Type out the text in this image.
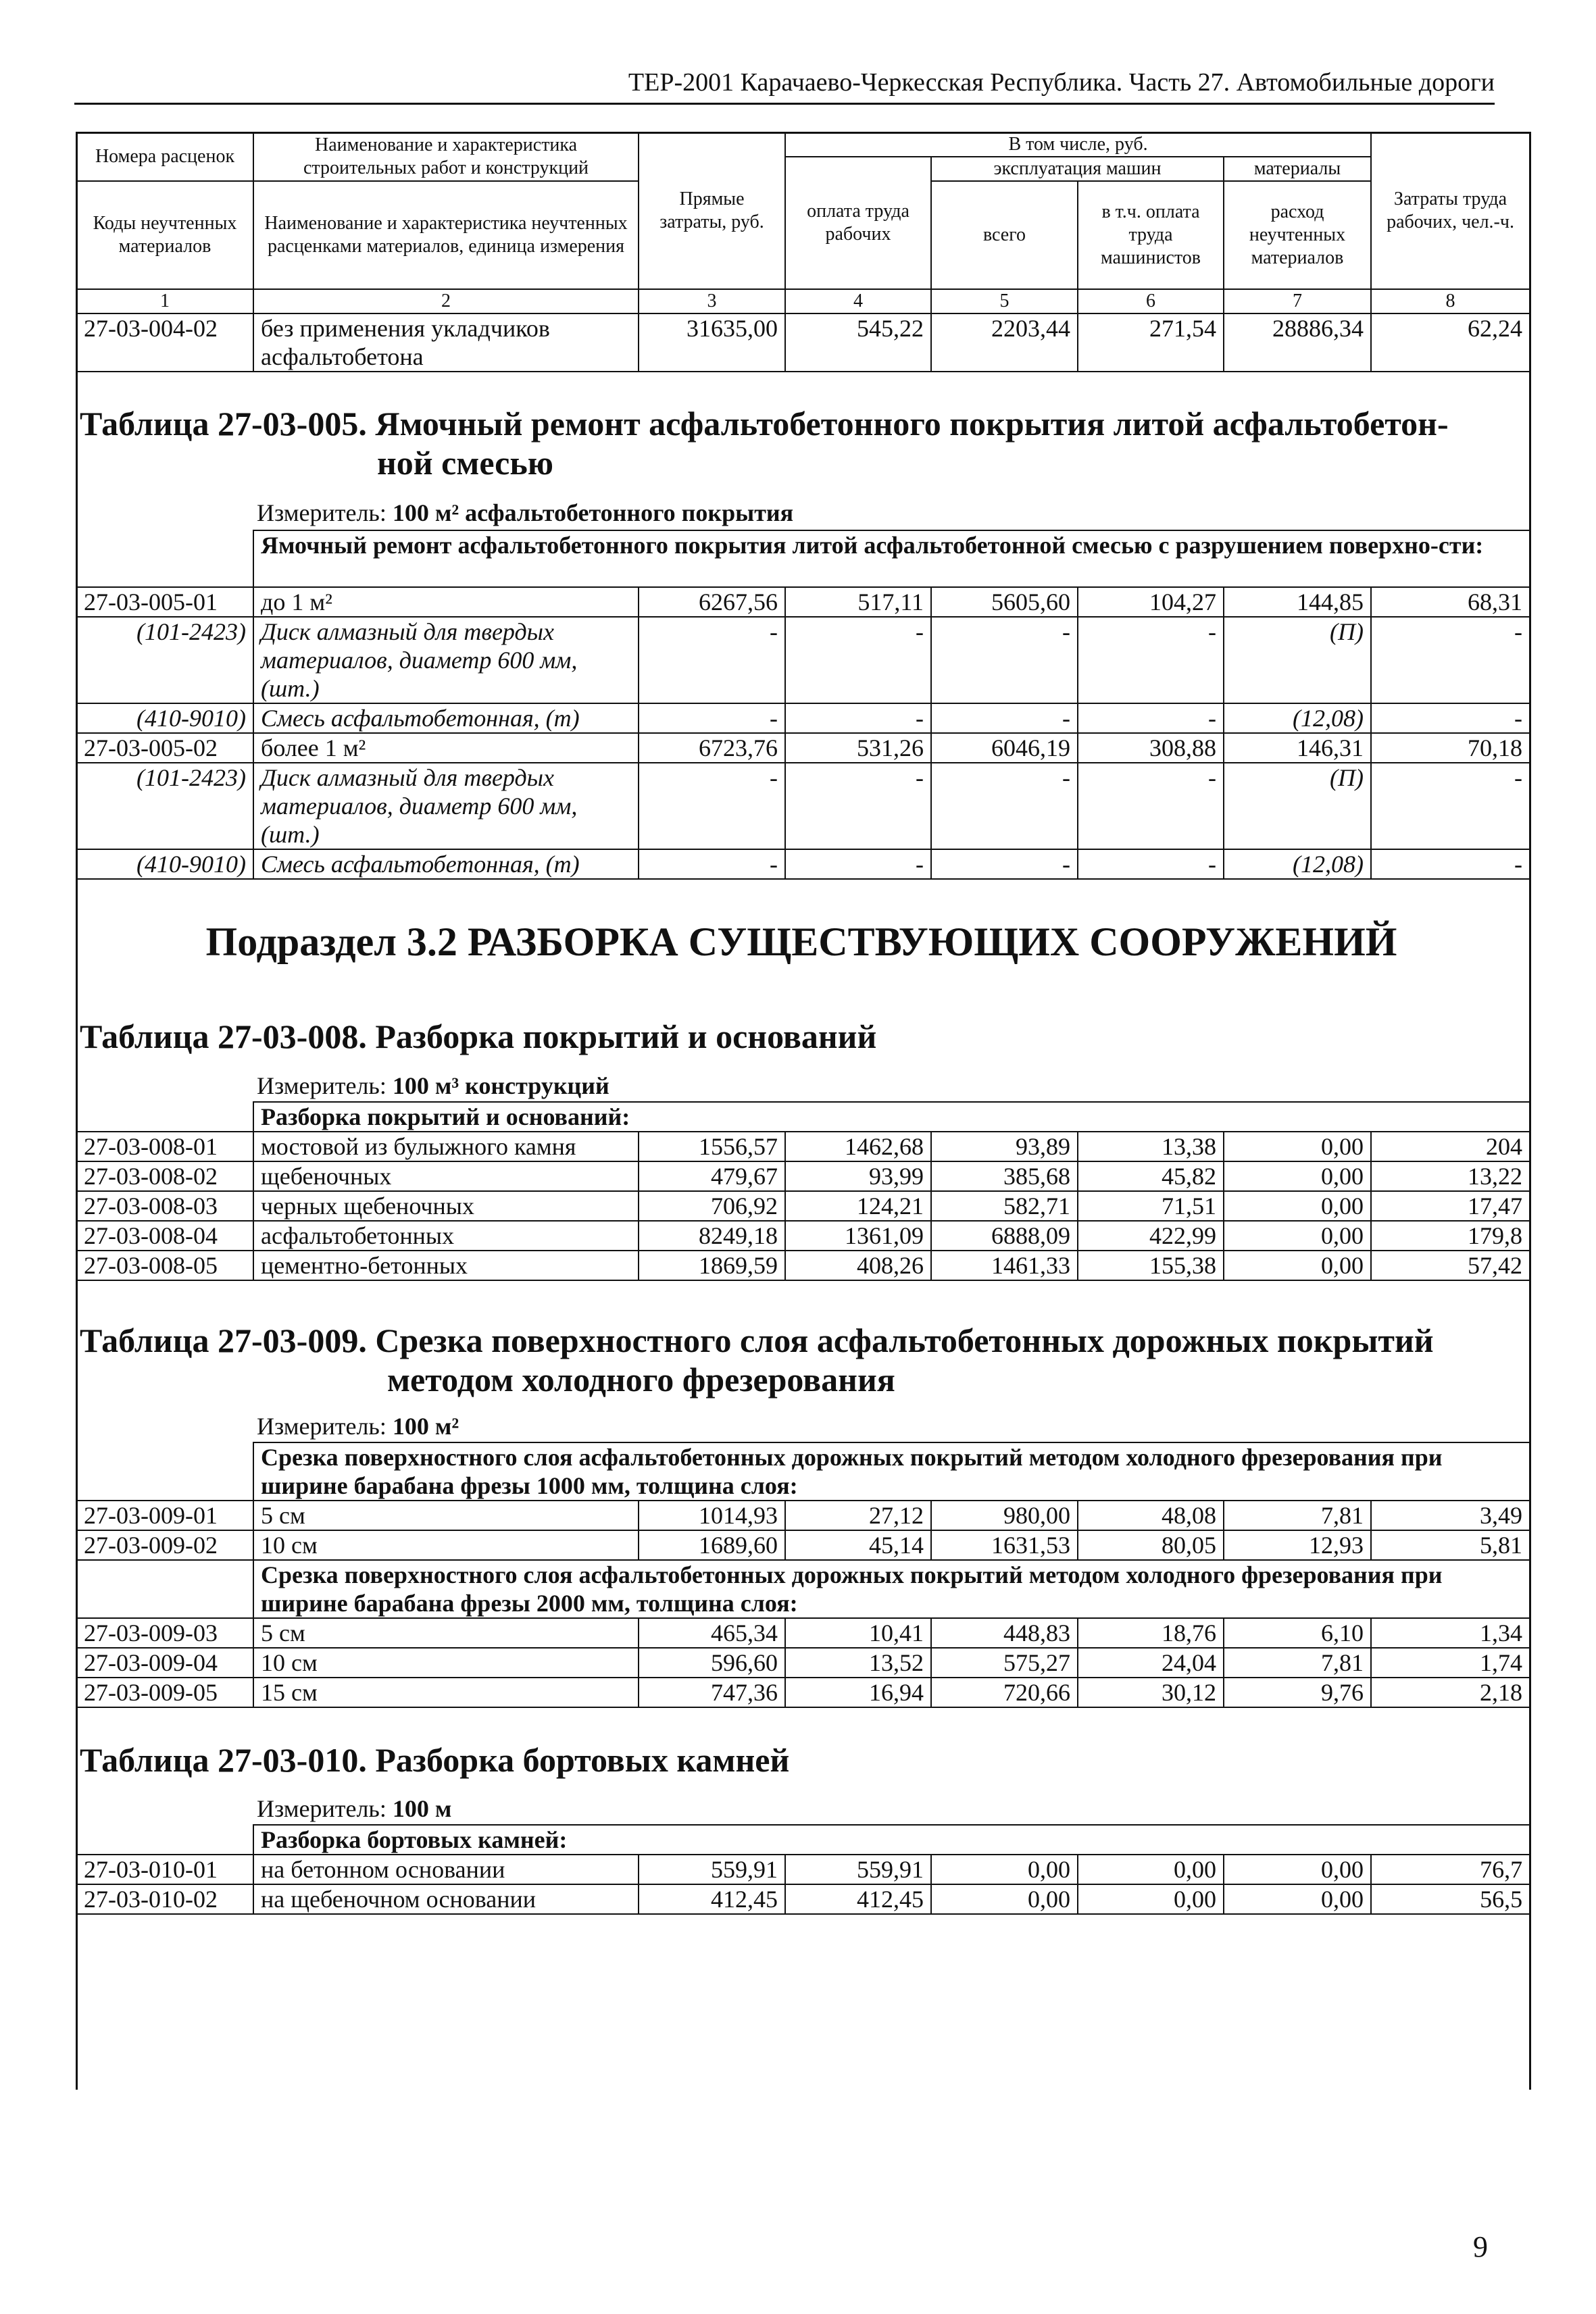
ТЕР-2001 Карачаево-Черкесская Республика. Часть 27. Автомобильные дороги
Номера расценок	Наименование и характеристика строительных работ и конструкций	Прямые затраты, руб.	В том числе, руб.				Затраты труда рабочих, чел.-ч.
			оплата труда рабочих	эксплуатация машин		материалы	
Коды неучтенных материалов	Наименование и характеристика неучтенных расценками материалов, единица измерения			всего	в т.ч. оплата труда машинистов	расход неучтенных материалов	
1	2	3	4	5	6	7	8
27-03-004-02	без применения укладчиков асфальтобетона	31635,00	545,22	2203,44	271,54	28886,34	62,24
Таблица 27-03-005. Ямочный ремонт асфальтобетонного покрытия литой асфальтобетон-
ной смесью
Измеритель: 100 м² асфальтобетонного покрытия
	Ямочный ремонт асфальтобетонного покрытия литой асфальтобетонной смесью с разрушением поверхно-сти:						
27-03-005-01	до 1 м²	6267,56	517,11	5605,60	104,27	144,85	68,31
(101-2423)	Диск алмазный для твердых материалов, диаметр 600 мм, (шт.)	-	-	-	-	(П)	-
(410-9010)	Смесь асфальтобетонная, (т)	-	-	-	-	(12,08)	-
27-03-005-02	более 1 м²	6723,76	531,26	6046,19	308,88	146,31	70,18
(101-2423)	Диск алмазный для твердых материалов, диаметр 600 мм, (шт.)	-	-	-	-	(П)	-
(410-9010)	Смесь асфальтобетонная, (т)	-	-	-	-	(12,08)	-
Подраздел 3.2 РАЗБОРКА СУЩЕСТВУЮЩИХ СООРУЖЕНИЙ
Таблица 27-03-008. Разборка покрытий и оснований
Измеритель: 100 м³ конструкций
	Разборка покрытий и оснований:						
27-03-008-01	мостовой из булыжного камня	1556,57	1462,68	93,89	13,38	0,00	204
27-03-008-02	щебеночных	479,67	93,99	385,68	45,82	0,00	13,22
27-03-008-03	черных щебеночных	706,92	124,21	582,71	71,51	0,00	17,47
27-03-008-04	асфальтобетонных	8249,18	1361,09	6888,09	422,99	0,00	179,8
27-03-008-05	цементно-бетонных	1869,59	408,26	1461,33	155,38	0,00	57,42
Таблица 27-03-009. Срезка поверхностного слоя асфальтобетонных дорожных покрытий
методом холодного фрезерования
Измеритель: 100 м²
	Срезка поверхностного слоя асфальтобетонных дорожных покрытий методом холодного фрезерования при ширине барабана фрезы 1000 мм, толщина слоя:						
27-03-009-01	5 см	1014,93	27,12	980,00	48,08	7,81	3,49
27-03-009-02	10 см	1689,60	45,14	1631,53	80,05	12,93	5,81
	Срезка поверхностного слоя асфальтобетонных дорожных покрытий методом холодного фрезерования при ширине барабана фрезы 2000 мм, толщина слоя:						
27-03-009-03	5 см	465,34	10,41	448,83	18,76	6,10	1,34
27-03-009-04	10 см	596,60	13,52	575,27	24,04	7,81	1,74
27-03-009-05	15 см	747,36	16,94	720,66	30,12	9,76	2,18
Таблица 27-03-010. Разборка бортовых камней
Измеритель: 100 м
	Разборка бортовых камней:						
27-03-010-01	на бетонном основании	559,91	559,91	0,00	0,00	0,00	76,7
27-03-010-02	на щебеночном основании	412,45	412,45	0,00	0,00	0,00	56,5
9
